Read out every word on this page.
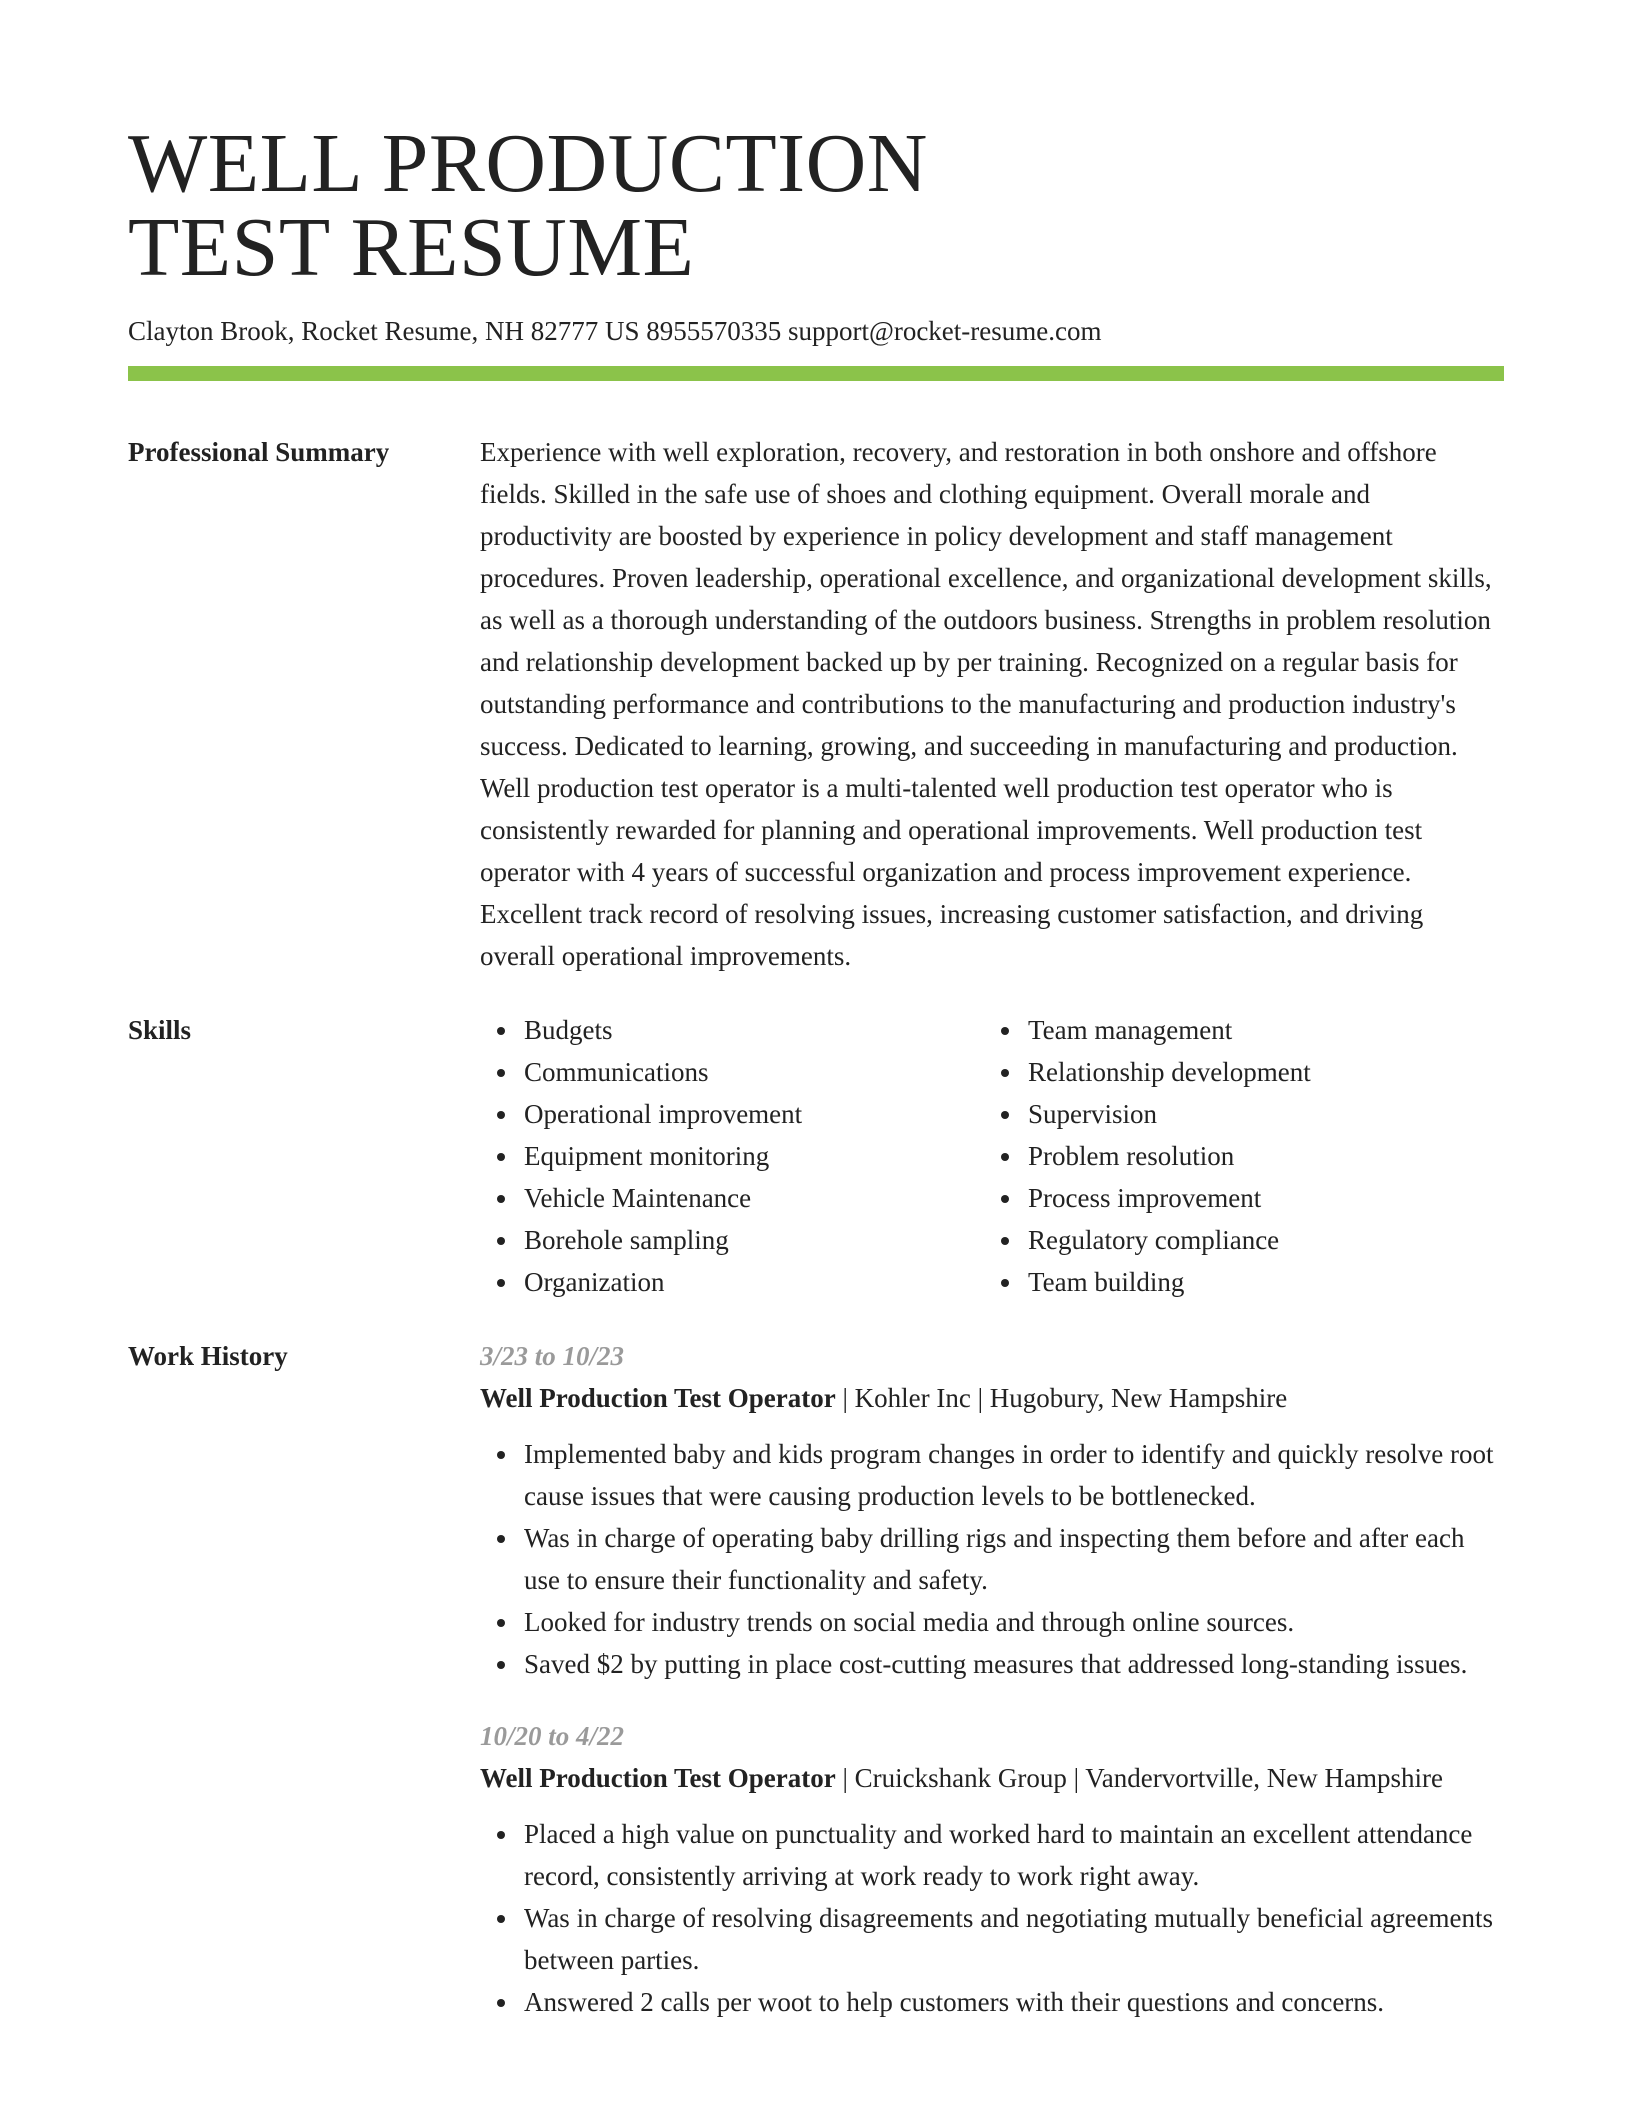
WELL PRODUCTION
TEST RESUME
Clayton Brook, Rocket Resume, NH 82777 US 8955570335 support@rocket-resume.com
Professional Summary	Experience with well exploration, recovery, and restoration in both onshore and offshore fields. Skilled in the safe use of shoes and clothing equipment. Overall morale and productivity are boosted by experience in policy development and staff management procedures. Proven leadership, operational excellence, and organizational development skills, as well as a thorough understanding of the outdoors business. Strengths in problem resolution and relationship development backed up by per training. Recognized on a regular basis for outstanding performance and contributions to the manufacturing and production industry's success. Dedicated to learning, growing, and succeeding in manufacturing and production. Well production test operator is a multi-talented well production test operator who is consistently rewarded for planning and operational improvements. Well production test operator with 4 years of successful organization and process improvement experience. Excellent track record of resolving issues, increasing customer satisfaction, and driving overall operational improvements.

Skills	Budgets
Communications
Operational improvement
Equipment monitoring
Vehicle Maintenance
Borehole sampling
Organization
Team management
Relationship development
Supervision
Problem resolution
Process improvement
Regulatory compliance
Team building
Work History	3/23 to 10/23
Well Production Test Operator | Kohler Inc | Hugobury, New Hampshire
Implemented baby and kids program changes in order to identify and quickly resolve root cause issues that were causing production levels to be bottlenecked.
Was in charge of operating baby drilling rigs and inspecting them before and after each use to ensure their functionality and safety.
Looked for industry trends on social media and through online sources.
Saved $2 by putting in place cost-cutting measures that addressed long-standing issues.
10/20 to 4/22
Well Production Test Operator | Cruickshank Group | Vandervortville, New Hampshire
Placed a high value on punctuality and worked hard to maintain an excellent attendance record, consistently arriving at work ready to work right away.
Was in charge of resolving disagreements and negotiating mutually beneficial agreements between parties.
Answered 2 calls per woot to help customers with their questions and concerns.
